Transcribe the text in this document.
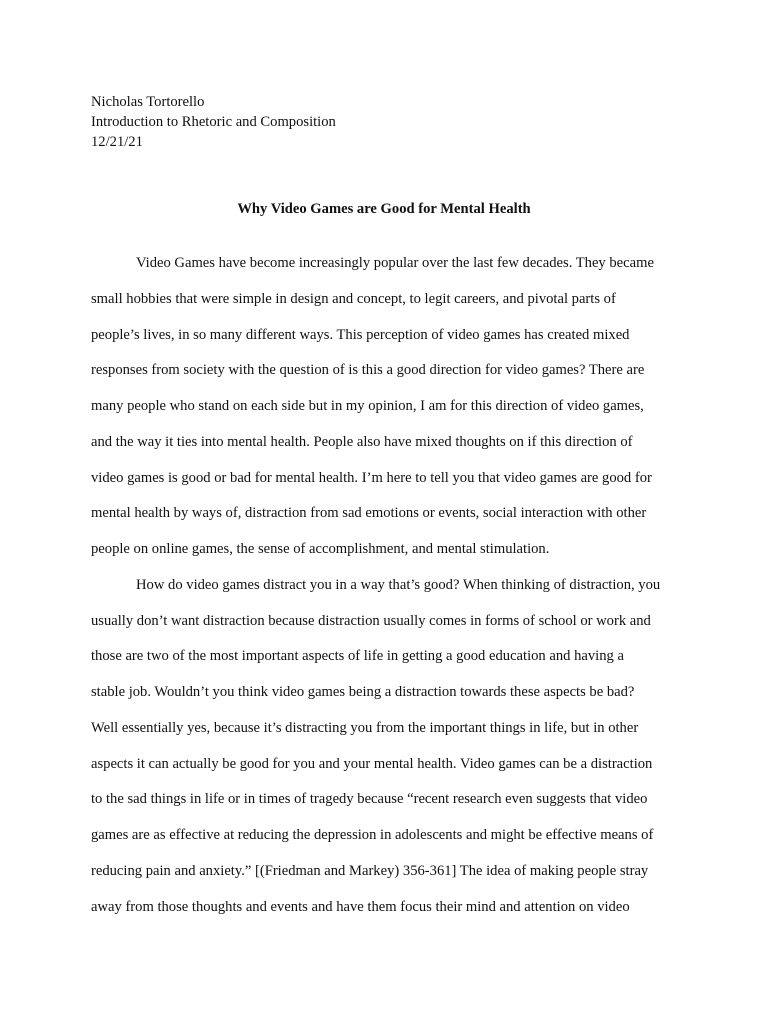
Nicholas Tortorello
Introduction to Rhetoric and Composition
12/21/21
Why Video Games are Good for Mental Health
Video Games have become increasingly popular over the last few decades. They became
small hobbies that were simple in design and concept, to legit careers, and pivotal parts of
people’s lives, in so many different ways. This perception of video games has created mixed
responses from society with the question of is this a good direction for video games? There are
many people who stand on each side but in my opinion, I am for this direction of video games,
and the way it ties into mental health. People also have mixed thoughts on if this direction of
video games is good or bad for mental health. I’m here to tell you that video games are good for
mental health by ways of, distraction from sad emotions or events, social interaction with other
people on online games, the sense of accomplishment, and mental stimulation.
How do video games distract you in a way that’s good? When thinking of distraction, you
usually don’t want distraction because distraction usually comes in forms of school or work and
those are two of the most important aspects of life in getting a good education and having a
stable job. Wouldn’t you think video games being a distraction towards these aspects be bad?
Well essentially yes, because it’s distracting you from the important things in life, but in other
aspects it can actually be good for you and your mental health. Video games can be a distraction
to the sad things in life or in times of tragedy because “recent research even suggests that video
games are as effective at reducing the depression in adolescents and might be effective means of
reducing pain and anxiety.” [(Friedman and Markey) 356-361] The idea of making people stray
away from those thoughts and events and have them focus their mind and attention on video
